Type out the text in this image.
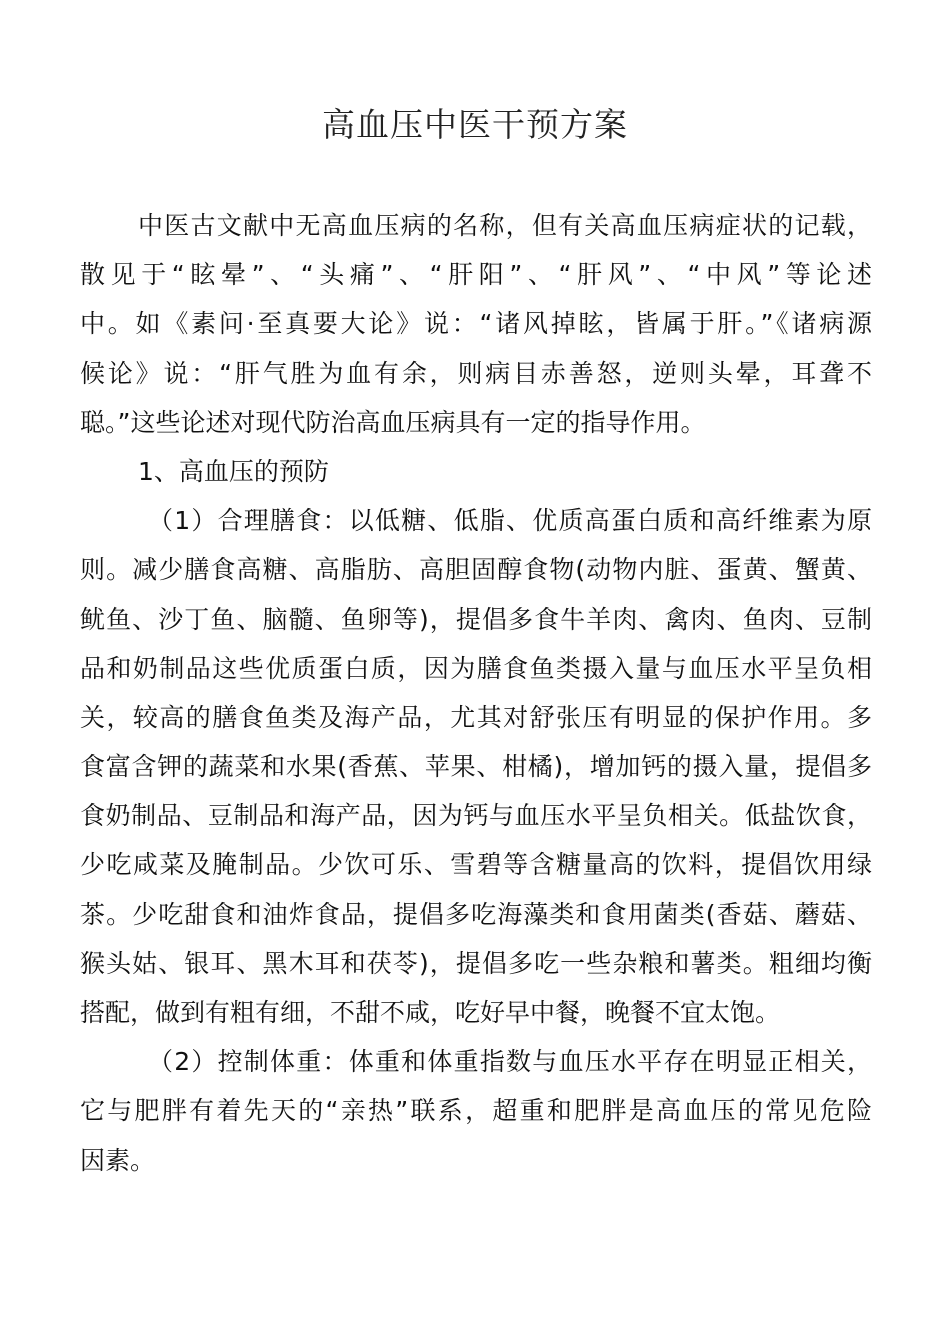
高血压中医干预方案
中医古文献中无高血压病的名称，但有关高血压病症状的记载，
散见于“眩晕”、“头痛”、“肝阳”、“肝风”、“中风”等论述
中。如《素问·至真要大论》说：“诸风掉眩，皆属于肝。”《诸病源
候论》说：“肝气胜为血有余，则病目赤善怒，逆则头晕，耳聋不
聪。”这些论述对现代防治高血压病具有一定的指导作用。
1、高血压的预防
（1）合理膳食：以低糖、低脂、优质高蛋白质和高纤维素为原
则。减少膳食高糖、高脂肪、高胆固醇食物(动物内脏、蛋黄、蟹黄、
鱿鱼、沙丁鱼、脑髓、鱼卵等)，提倡多食牛羊肉、禽肉、鱼肉、豆制
品和奶制品这些优质蛋白质，因为膳食鱼类摄入量与血压水平呈负相
关，较高的膳食鱼类及海产品，尤其对舒张压有明显的保护作用。多
食富含钾的蔬菜和水果(香蕉、苹果、柑橘)，增加钙的摄入量，提倡多
食奶制品、豆制品和海产品，因为钙与血压水平呈负相关。低盐饮食，
少吃咸菜及腌制品。少饮可乐、雪碧等含糖量高的饮料，提倡饮用绿
茶。少吃甜食和油炸食品，提倡多吃海藻类和食用菌类(香菇、蘑菇、
猴头姑、银耳、黑木耳和茯苓)，提倡多吃一些杂粮和薯类。粗细均衡
搭配，做到有粗有细，不甜不咸，吃好早中餐，晚餐不宜太饱。
（2）控制体重：体重和体重指数与血压水平存在明显正相关，
它与肥胖有着先天的“亲热”联系，超重和肥胖是高血压的常见危险
因素。
